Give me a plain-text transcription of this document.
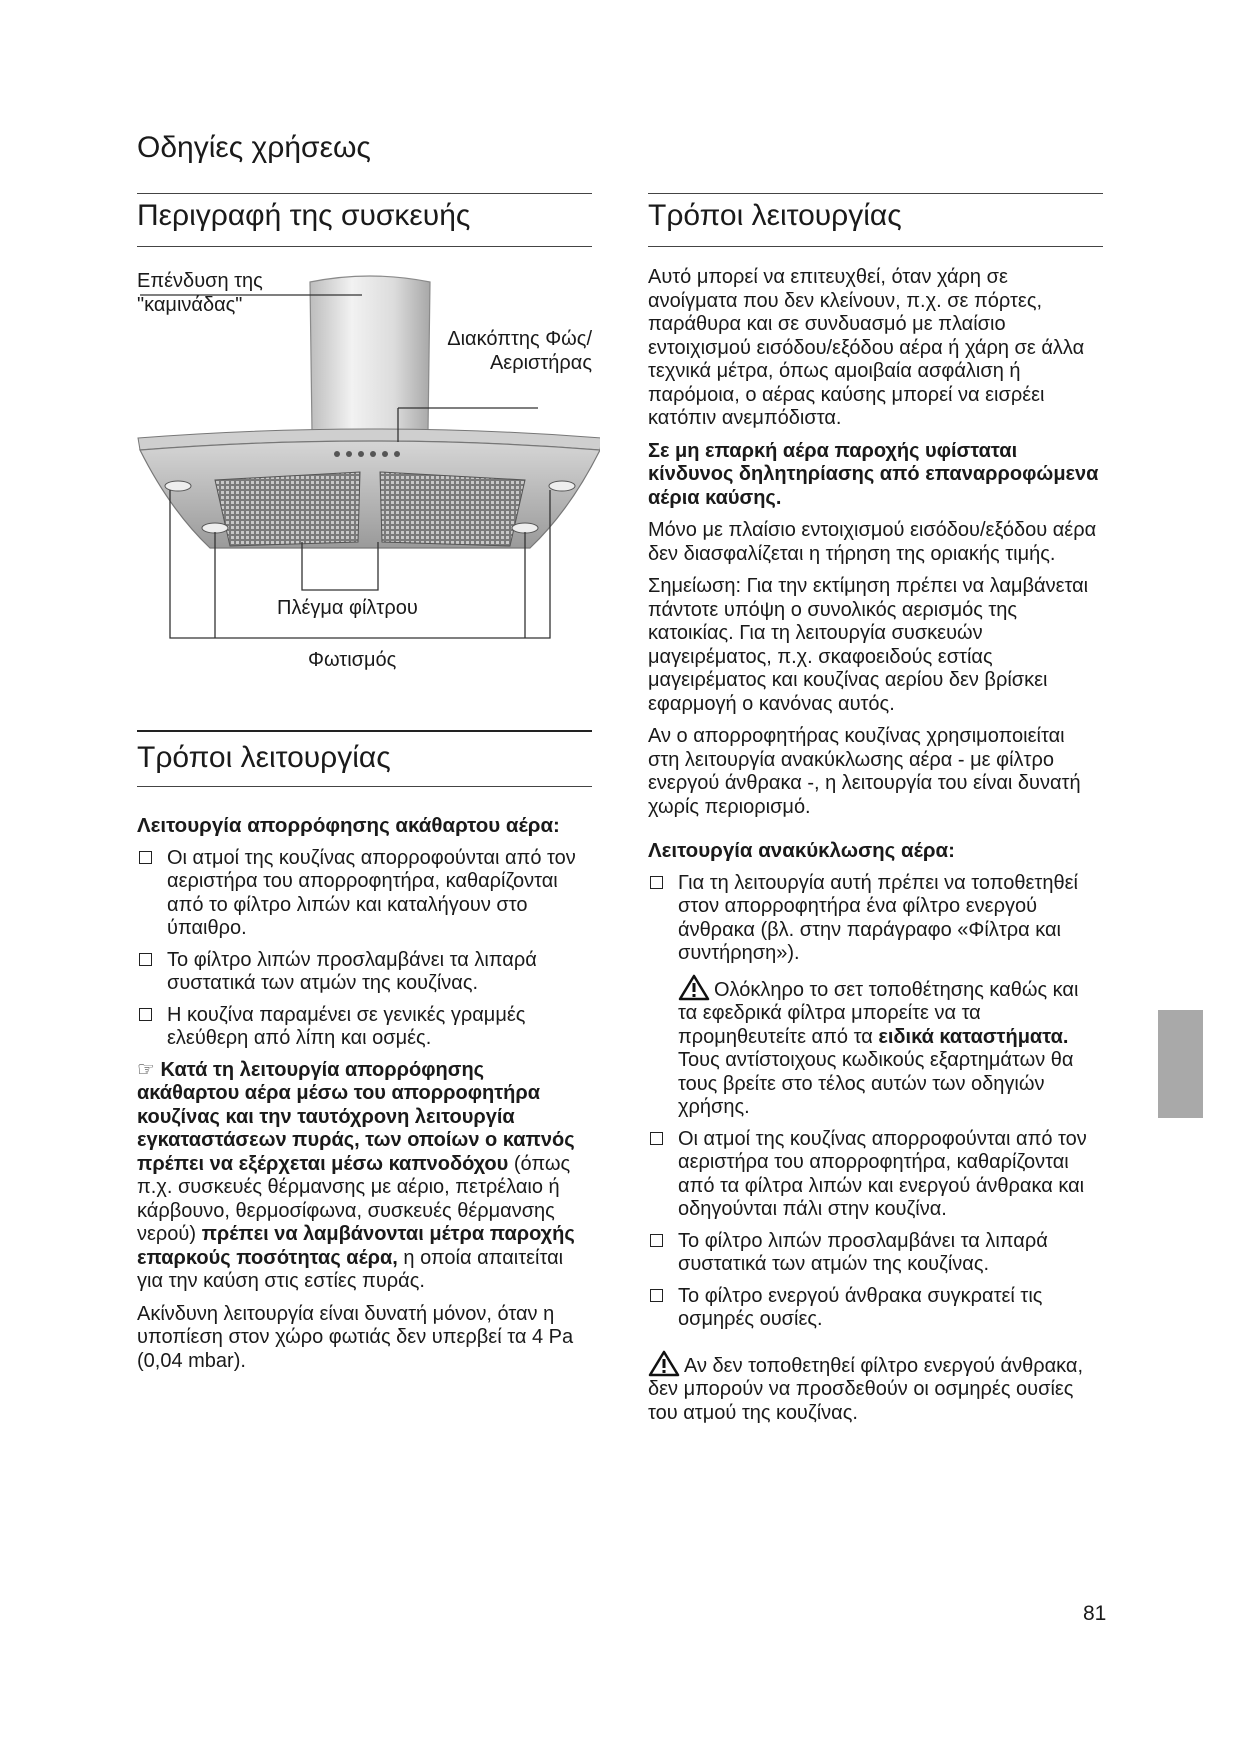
Οδηγίες χρήσεως
Περιγραφή της συσκευής
Επένδυση της "καμινάδας"
Διακόπτης Φώς/ Αεριστήρας
Πλέγμα φίλτρου
Φωτισμός
Τρόποι λειτουργίας

Λειτουργία απορρόφησης ακάθαρτου αέρα:

Οι ατμοί της κουζίνας απορροφούνται από τον αεριστήρα του απορροφητήρα, καθαρίζονται από το φίλτρο λιπών και καταλήγουν στο ύπαιθρο.
Το φίλτρο λιπών προσλαμβάνει τα λιπαρά συστατικά των ατμών της κουζίνας.
Η κουζίνα παραμένει σε γενικές γραμμές ελεύθερη από λίπη και οσμές.

☞ Κατά τη λειτουργία απορρόφησης ακάθαρτου αέρα μέσω του απορροφητήρα κουζίνας και την ταυτόχρονη λειτουργία εγκαταστάσεων πυράς, των οποίων ο καπνός πρέπει να εξέρχεται μέσω καπνοδόχου (όπως π.χ. συσκευές θέρμανσης με αέριο, πετρέλαιο ή κάρβουνο, θερμοσίφωνα, συσκευές θέρμανσης νερού) πρέπει να λαμβάνονται μέτρα παροχής επαρκούς ποσότητας αέρα, η οποία απαιτείται για την καύση στις εστίες πυράς.

Ακίνδυνη λειτουργία είναι δυνατή μόνον, όταν η υποπίεση στον χώρο φωτιάς δεν υπερβεί τα 4 Pa (0,04 mbar).

Τρόποι λειτουργίας

Αυτό μπορεί να επιτευχθεί, όταν χάρη σε ανοίγματα που δεν κλείνουν, π.χ. σε πόρτες, παράθυρα και σε συνδυασμό με πλαίσιο εντοιχισμού εισόδου/εξόδου αέρα ή χάρη σε άλλα τεχνικά μέτρα, όπως αμοιβαία ασφάλιση ή παρόμοια, ο αέρας καύσης μπορεί να εισρέει κατόπιν ανεμπόδιστα.

Σε μη επαρκή αέρα παροχής υφίσταται κίνδυνος δηλητηρίασης από επαναρροφώμενα αέρια καύσης.

Μόνο με πλαίσιο εντοιχισμού εισόδου/εξόδου αέρα δεν διασφαλίζεται η τήρηση της οριακής τιμής.

Σημείωση: Για την εκτίμηση πρέπει να λαμβάνεται πάντοτε υπόψη ο συνολικός αερισμός της κατοικίας. Για τη λειτουργία συσκευών μαγειρέματος, π.χ. σκαφοειδούς εστίας μαγειρέματος και κουζίνας αερίου δεν βρίσκει εφαρμογή ο κανόνας αυτός.

Αν ο απορροφητήρας κουζίνας χρησιμοποιείται στη λειτουργία ανακύκλωσης αέρα - με φίλτρο ενεργού άνθρακα -, η λειτουργία του είναι δυνατή χωρίς περιορισμό.

Λειτουργία ανακύκλωσης αέρα:

Για τη λειτουργία αυτή πρέπει να τοποθετηθεί στον απορροφητήρα ένα φίλτρο ενεργού άνθρακα (βλ. στην παράγραφο «Φίλτρα και συντήρηση»).
Ολόκληρο το σετ τοποθέτησης καθώς και τα εφεδρικά φίλτρα μπορείτε να τα προμηθευτείτε από τα ειδικά καταστήματα.
Τους αντίστοιχους κωδικούς εξαρτημάτων θα τους βρείτε στο τέλος αυτών των οδηγιών χρήσης.
Οι ατμοί της κουζίνας απορροφούνται από τον αεριστήρα του απορροφητήρα, καθαρίζονται από τα φίλτρα λιπών και ενεργού άνθρακα και οδηγούνται πάλι στην κουζίνα.
Το φίλτρο λιπών προσλαμβάνει τα λιπαρά συστατικά των ατμών της κουζίνας.
Το φίλτρο ενεργού άνθρακα συγκρατεί τις οσμηρές ουσίες.

Αν δεν τοποθετηθεί φίλτρο ενεργού άνθρακα, δεν μπορούν να προσδεθούν οι οσμηρές ουσίες του ατμού της κουζίνας.

81
